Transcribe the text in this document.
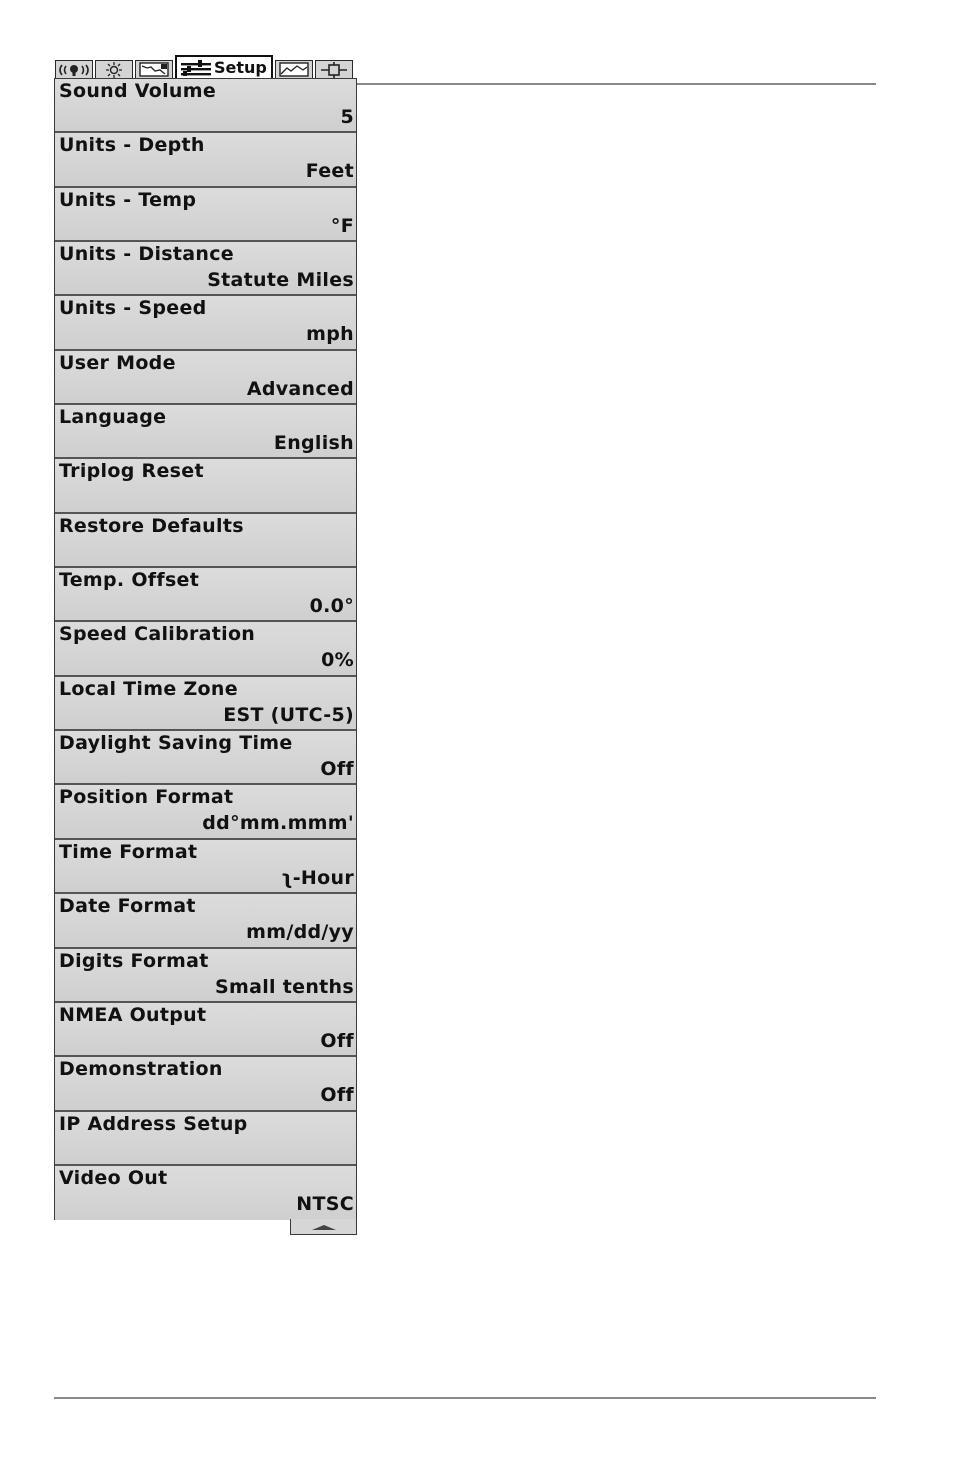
Setup
Sound Volume
5
Units - Depth
Feet
Units - Temp
°F
Units - Distance
Statute Miles
Units - Speed
mph
User Mode
Advanced
Language
English
Triplog Reset
Restore Defaults
Temp. Offset
0.0°
Speed Calibration
0%
Local Time Zone
EST (UTC-5)
Daylight Saving Time
Off
Position Format
dd°mm.mmm'
Time Format
ʅ-Hour
Date Format
mm/dd/yy
Digits Format
Small tenths
NMEA Output
Off
Demonstration
Off
IP Address Setup
Video Out
NTSC
